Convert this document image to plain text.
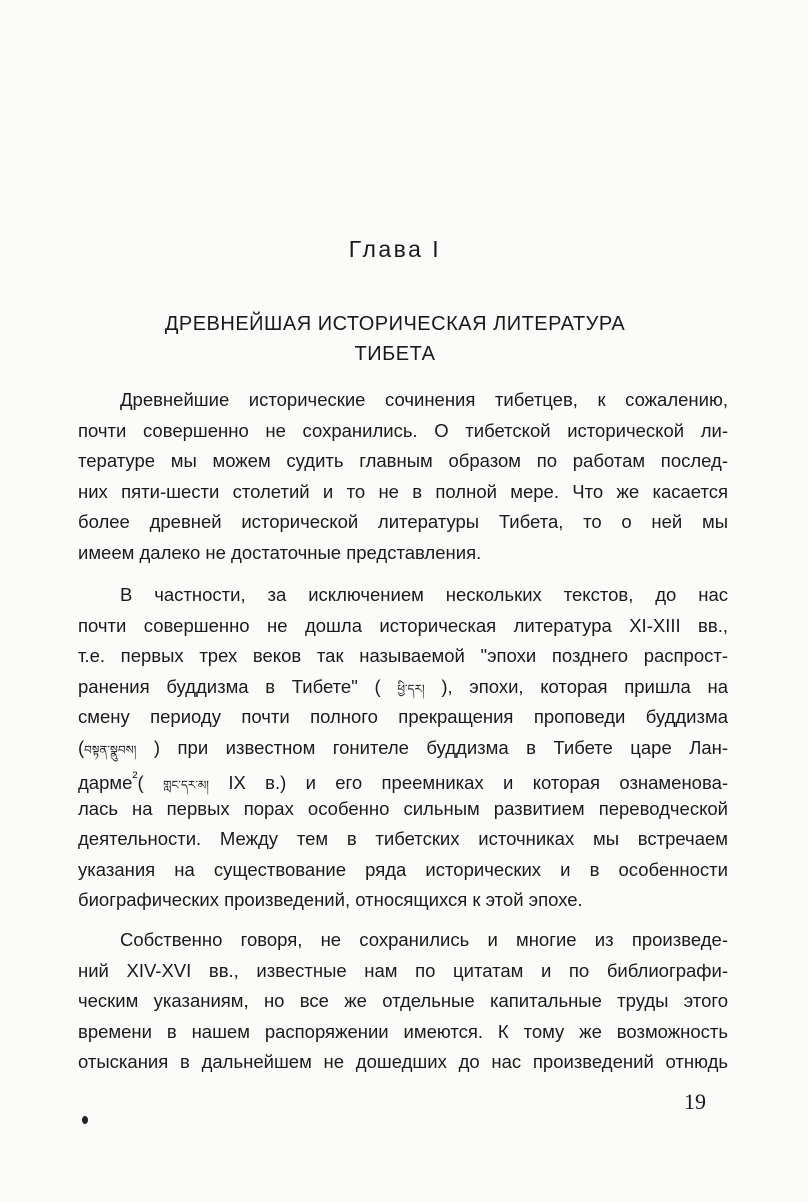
Глава I
ДРЕВНЕЙШАЯ ИСТОРИЧЕСКАЯ ЛИТЕРАТУРА
ТИБЕТА
Древнейшие исторические сочинения тибетцев, к сожалению,
почти совершенно не сохранились. О тибетской исторической ли-
тературе мы можем судить главным образом по работам послед-
них пяти-шести столетий и то не в полной мере. Что же касается
более древней исторической литературы Тибета, то о ней мы
имеем далеко не достаточные представления.
В частности, за исключением нескольких текстов, до нас
почти совершенно не дошла историческая литература XI-XIII вв.,
т.е. первых трех веков так называемой "эпохи позднего распрост-
ранения буддизма в Тибете" ( ཕྱི་དར། ), эпохи, которая пришла на
смену периоду почти полного прекращения проповеди буддизма
(བསྟན་སྣུབས། ) при известном гонителе буддизма в Тибете царе Лан-
дарме$^{^2}$( གླང་དར་མ། IX в.) и его преемниках и которая ознаменова-
лась на первых порах особенно сильным развитием переводческой
деятельности. Между тем в тибетских источниках мы встречаем
указания на существование ряда исторических и в особенности
биографических произведений, относящихся к этой эпохе.
Собственно говоря, не сохранились и многие из произведе-
ний XIV-XVI вв., известные нам по цитатам и по библиографи-
ческим указаниям, но все же отдельные капитальные труды этого
времени в нашем распоряжении имеются. К тому же возможность
отыскания в дальнейшем не дошедших до нас произведений отнюдь
19
